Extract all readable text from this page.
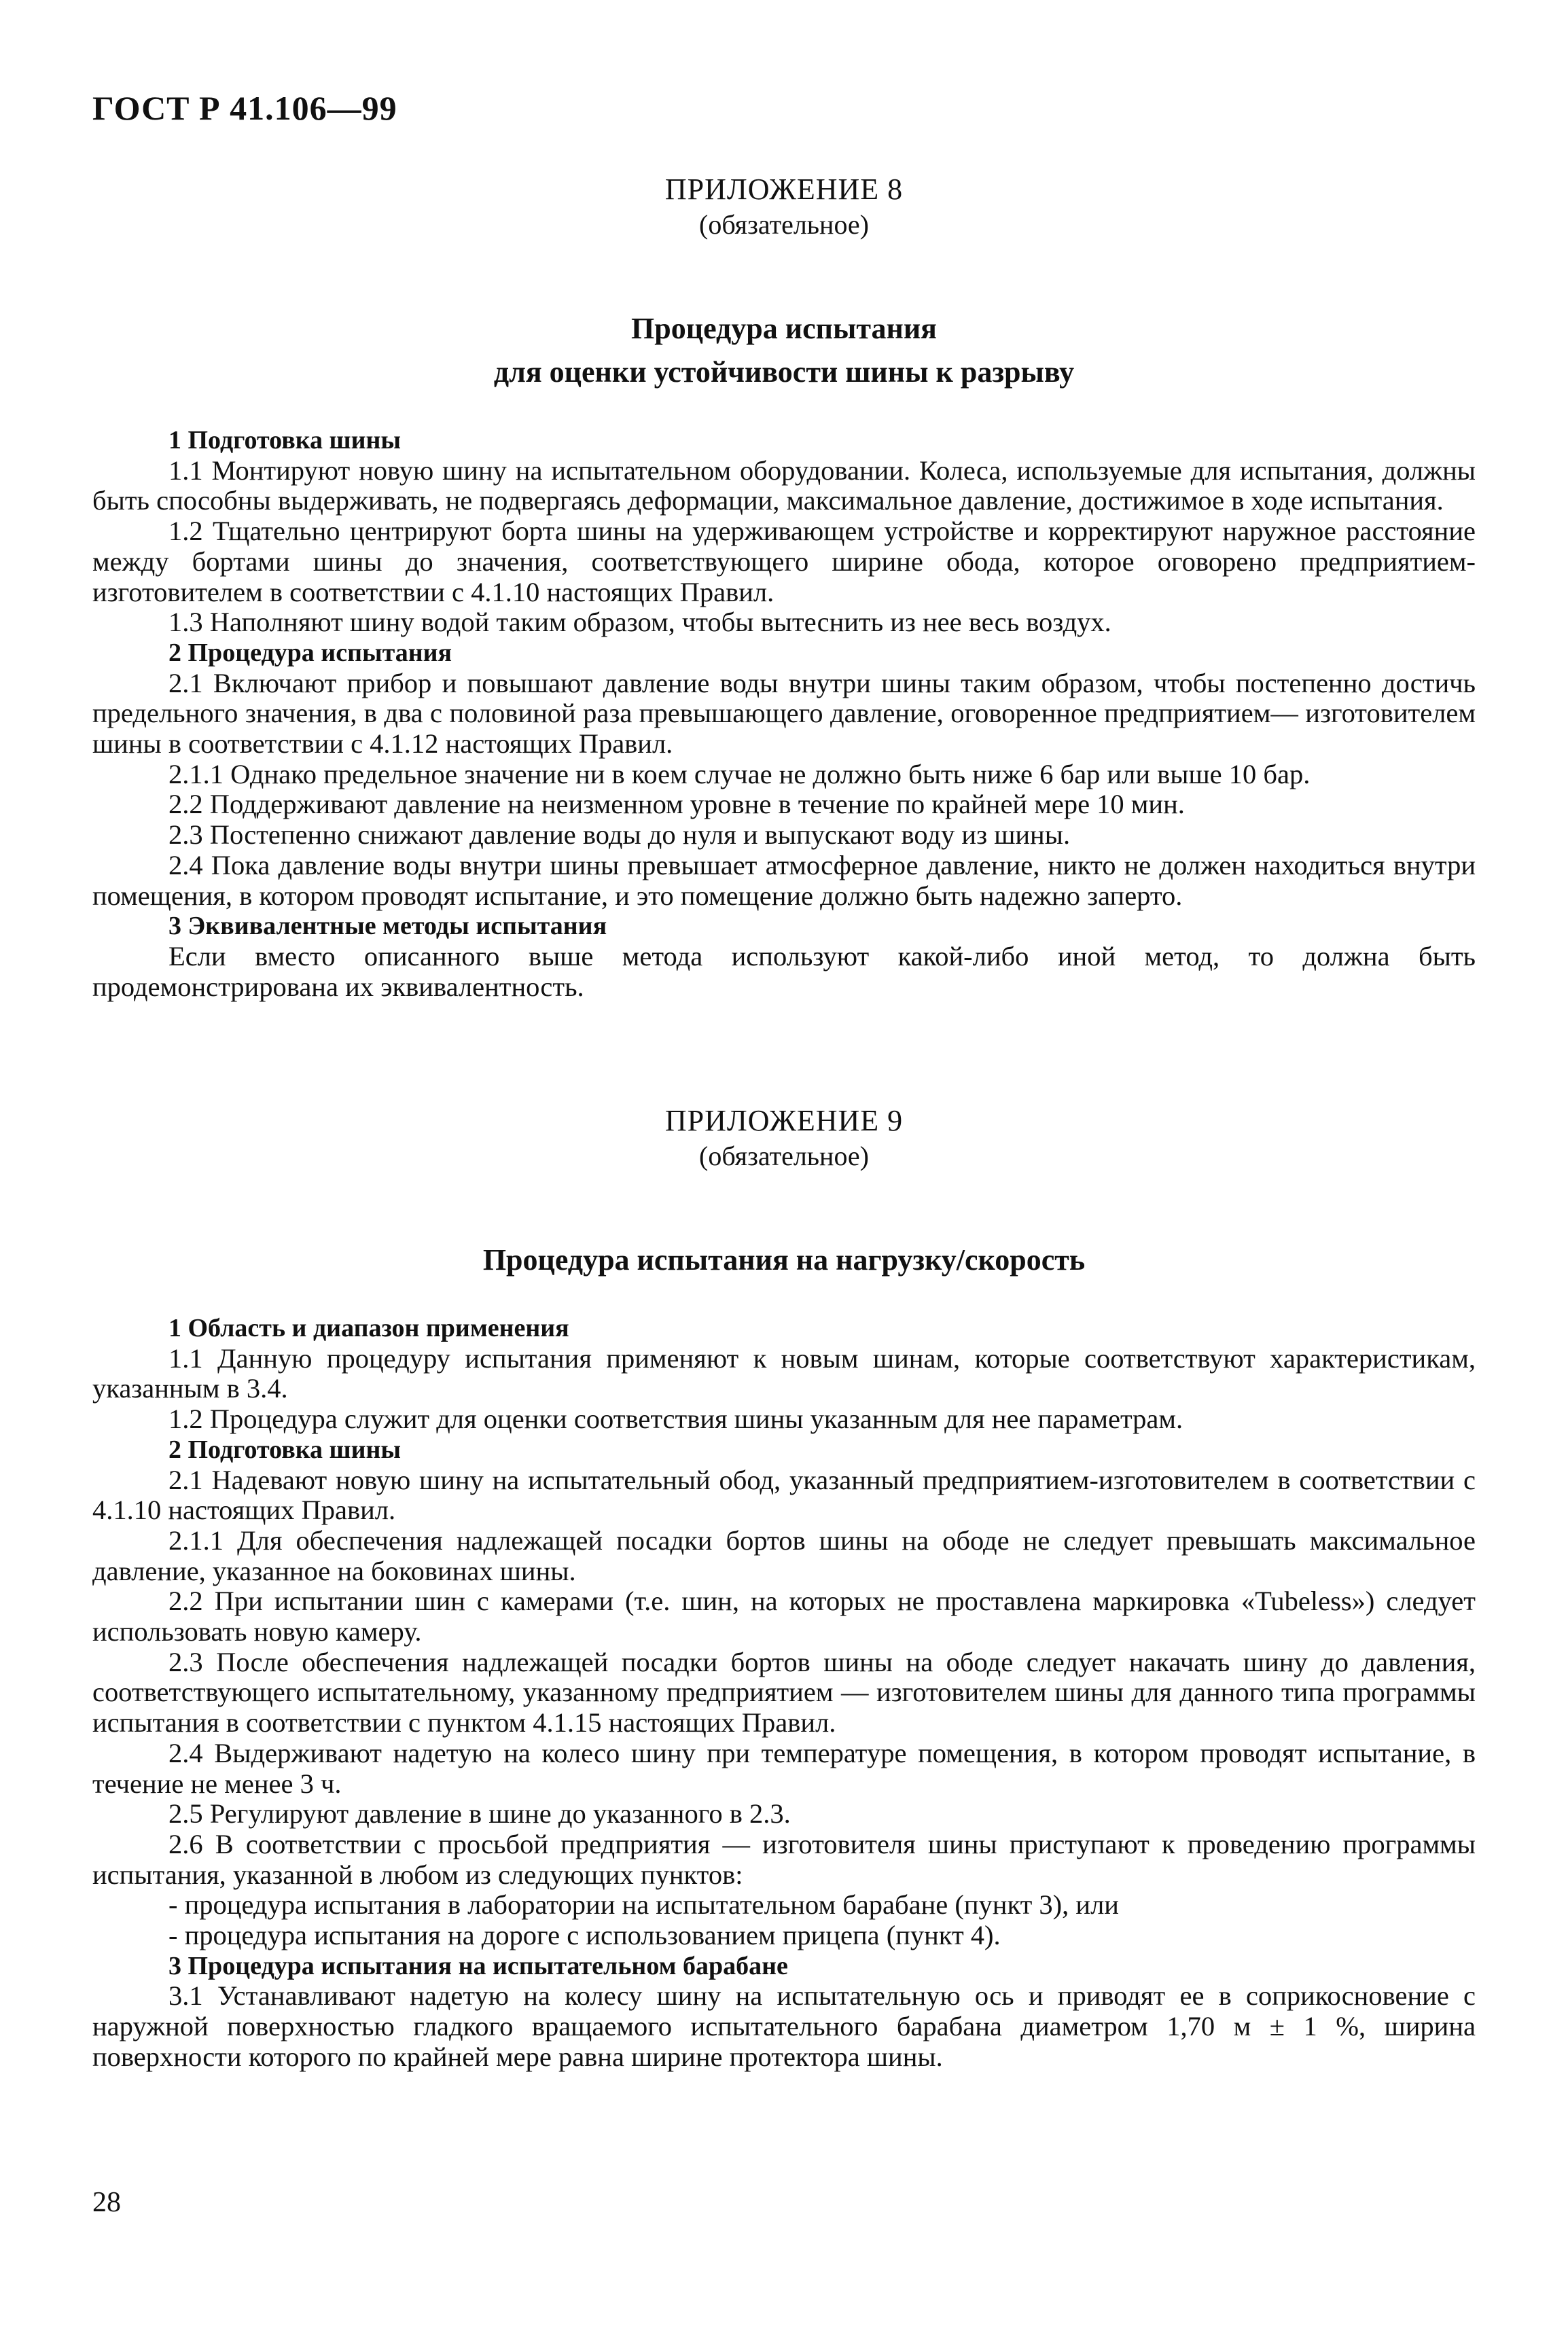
ГОСТ Р 41.106—99
ПРИЛОЖЕНИЕ 8
(обязательное)
Процедура испытания
для оценки устойчивости шины к разрыву

1 Подготовка шины

1.1 Монтируют новую шину на испытательном оборудовании. Колеса, используемые для испытания, должны быть способны выдерживать, не подвергаясь деформации, максимальное давление, достижимое в ходе испытания.

1.2 Тщательно центрируют борта шины на удерживающем устройстве и корректируют наружное расстояние между бортами шины до значения, соответствующего ширине обода, которое оговорено предприятием-изготовителем в соответствии с 4.1.10 настоящих Правил.

1.3 Наполняют шину водой таким образом, чтобы вытеснить из нее весь воздух.

2 Процедура испытания

2.1 Включают прибор и повышают давление воды внутри шины таким образом, чтобы постепенно достичь предельного значения, в два с половиной раза превышающего давление, оговоренное предприятием— изготовителем шины в соответствии с 4.1.12 настоящих Правил.

2.1.1 Однако предельное значение ни в коем случае не должно быть ниже 6 бар или выше 10 бар.

2.2 Поддерживают давление на неизменном уровне в течение по крайней мере 10 мин.

2.3 Постепенно снижают давление воды до нуля и выпускают воду из шины.

2.4 Пока давление воды внутри шины превышает атмосферное давление, никто не должен находиться внутри помещения, в котором проводят испытание, и это помещение должно быть надежно заперто.

3 Эквивалентные методы испытания

Если вместо описанного выше метода используют какой-либо иной метод, то должна быть продемонстрирована их эквивалентность.

ПРИЛОЖЕНИЕ 9
(обязательное)
Процедура испытания на нагрузку/скорость

1 Область и диапазон применения

1.1 Данную процедуру испытания применяют к новым шинам, которые соответствуют характеристикам, указанным в 3.4.

1.2 Процедура служит для оценки соответствия шины указанным для нее параметрам.

2 Подготовка шины

2.1 Надевают новую шину на испытательный обод, указанный предприятием-изготовителем в соответствии с 4.1.10 настоящих Правил.

2.1.1 Для обеспечения надлежащей посадки бортов шины на ободе не следует превышать максимальное давление, указанное на боковинах шины.

2.2 При испытании шин с камерами (т.е. шин, на которых не проставлена маркировка «Tubeless») следует использовать новую камеру.

2.3 После обеспечения надлежащей посадки бортов шины на ободе следует накачать шину до давления, соответствующего испытательному, указанному предприятием — изготовителем шины для данного типа программы испытания в соответствии с пунктом 4.1.15 настоящих Правил.

2.4 Выдерживают надетую на колесо шину при температуре помещения, в котором проводят испытание, в течение не менее 3 ч.

2.5 Регулируют давление в шине до указанного в 2.3.

2.6 В соответствии с просьбой предприятия — изготовителя шины приступают к проведению программы испытания, указанной в любом из следующих пунктов:

- процедура испытания в лаборатории на испытательном барабане (пункт 3), или

- процедура испытания на дороге с использованием прицепа (пункт 4).

3 Процедура испытания на испытательном барабане

3.1 Устанавливают надетую на колесу шину на испытательную ось и приводят ее в соприкосновение с наружной поверхностью гладкого вращаемого испытательного барабана диаметром 1,70 м ± 1 %, ширина поверхности которого по крайней мере равна ширине протектора шины.

28
